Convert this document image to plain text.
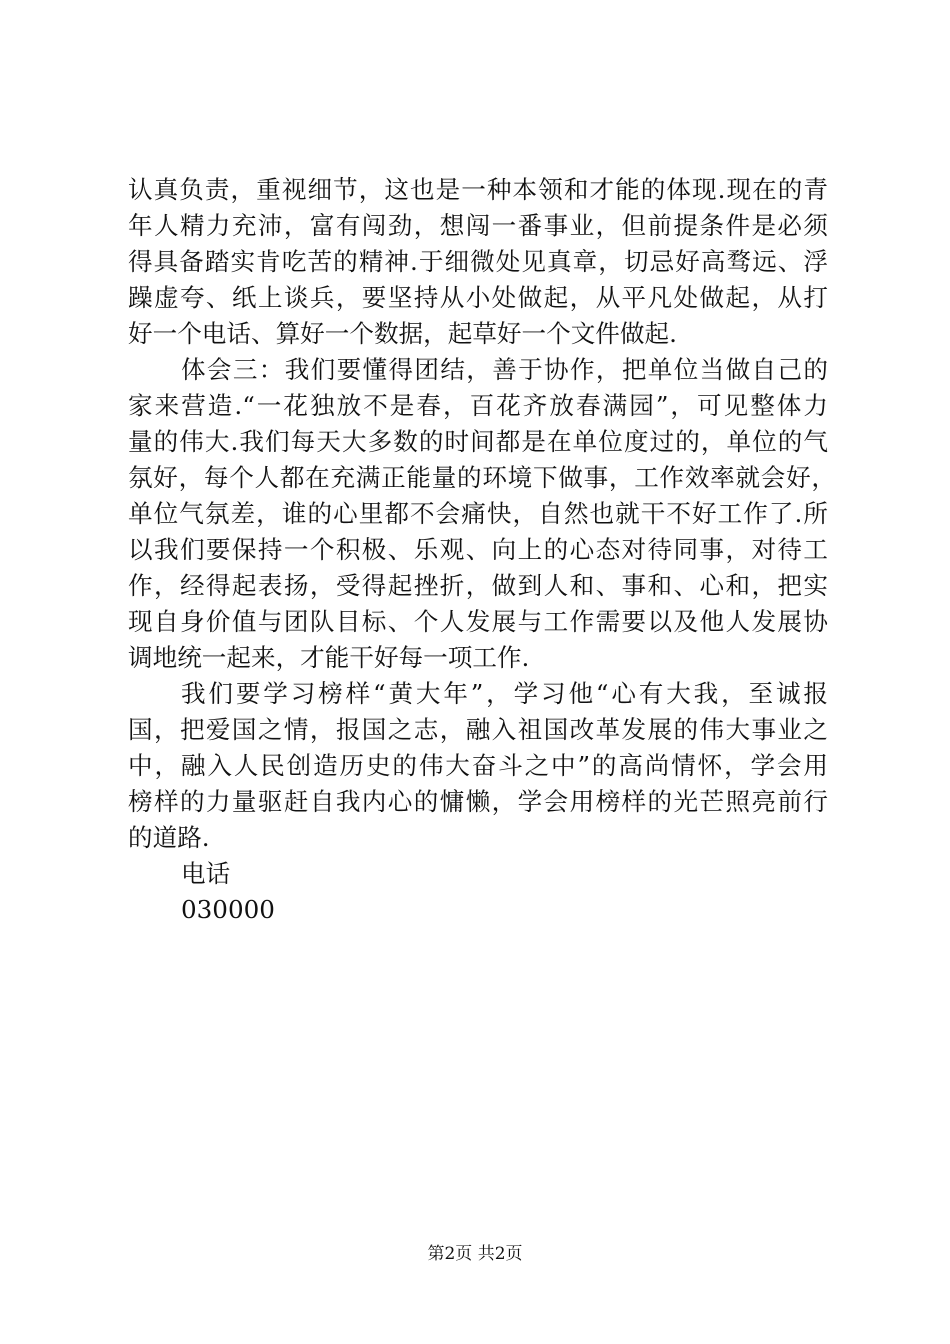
认真负责，重视细节，这也是一种本领和才能的体现.现在的青
年人精力充沛，富有闯劲，想闯一番事业，但前提条件是必须
得具备踏实肯吃苦的精神.于细微处见真章，切忌好高骛远、浮
躁虚夸、纸上谈兵，要坚持从小处做起，从平凡处做起，从打
好一个电话、算好一个数据，起草好一个文件做起.
体会三：我们要懂得团结，善于协作，把单位当做自己的
家来营造.“一花独放不是春，百花齐放春满园”，可见整体力
量的伟大.我们每天大多数的时间都是在单位度过的，单位的气
氛好，每个人都在充满正能量的环境下做事，工作效率就会好，
单位气氛差，谁的心里都不会痛快，自然也就干不好工作了.所
以我们要保持一个积极、乐观、向上的心态对待同事，对待工
作，经得起表扬，受得起挫折，做到人和、事和、心和，把实
现自身价值与团队目标、个人发展与工作需要以及他人发展协
调地统一起来，才能干好每一项工作.
我们要学习榜样“黄大年”，学习他“心有大我，至诚报
国，把爱国之情，报国之志，融入祖国改革发展的伟大事业之
中，融入人民创造历史的伟大奋斗之中”的高尚情怀，学会用
榜样的力量驱赶自我内心的慵懒，学会用榜样的光芒照亮前行
的道路.
电话
030000
第2页 共2页
